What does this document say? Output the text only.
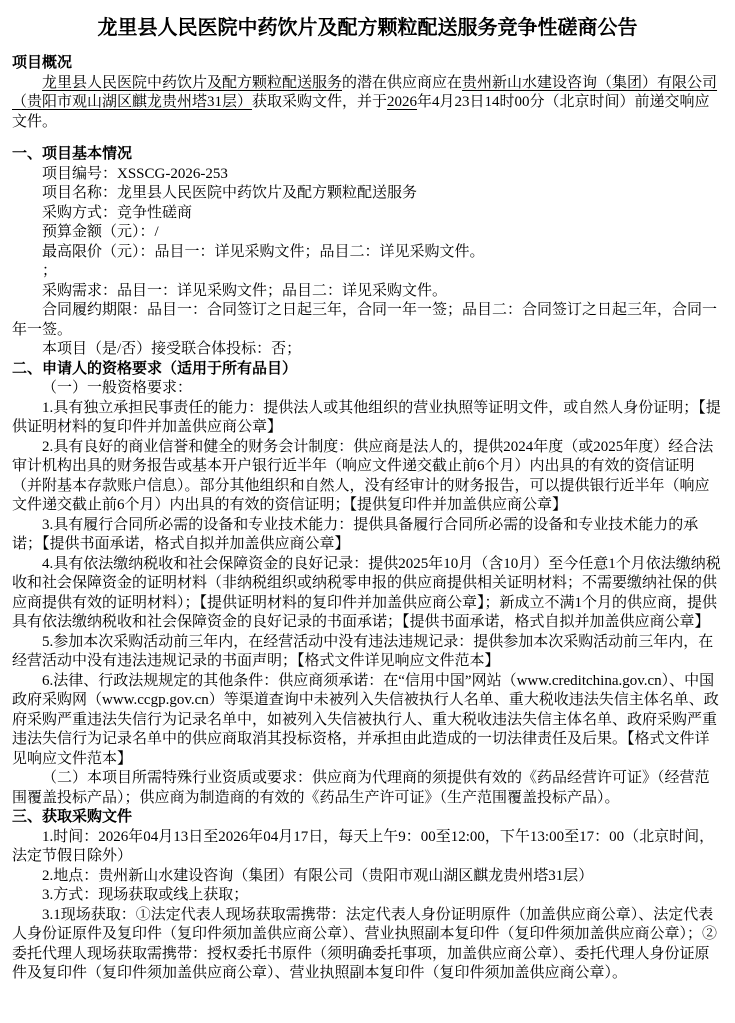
龙里县人民医院中药饮片及配方颗粒配送服务竞争性磋商公告

项目概况

龙里县人民医院中药饮片及配方颗粒配送服务的潜在供应商应在贵州新山水建设咨询（集团）有限公司（贵阳市观山湖区麒龙贵州塔31层）获取采购文件，并于2026年4月23日14时00分（北京时间）前递交响应文件。

一、项目基本情况

项目编号：XSSCG-2026-253

项目名称：龙里县人民医院中药饮片及配方颗粒配送服务

采购方式：竞争性磋商

预算金额（元）：/

最高限价（元）：品目一：详见采购文件；品目二：详见采购文件。

；

采购需求：品目一：详见采购文件；品目二：详见采购文件。

合同履约期限：品目一：合同签订之日起三年，合同一年一签；品目二：合同签订之日起三年，合同一年一签。

本项目（是/否）接受联合体投标：否；

二、申请人的资格要求（适用于所有品目）

（一）一般资格要求：

1.具有独立承担民事责任的能力：提供法人或其他组织的营业执照等证明文件，或自然人身份证明；【提供证明材料的复印件并加盖供应商公章】

2.具有良好的商业信誉和健全的财务会计制度：供应商是法人的，提供2024年度（或2025年度）经合法审计机构出具的财务报告或基本开户银行近半年（响应文件递交截止前6个月）内出具的有效的资信证明（并附基本存款账户信息）。部分其他组织和自然人，没有经审计的财务报告，可以提供银行近半年（响应文件递交截止前6个月）内出具的有效的资信证明；【提供复印件并加盖供应商公章】

3.具有履行合同所必需的设备和专业技术能力：提供具备履行合同所必需的设备和专业技术能力的承诺；【提供书面承诺，格式自拟并加盖供应商公章】

4.具有依法缴纳税收和社会保障资金的良好记录：提供2025年10月（含10月）至今任意1个月依法缴纳税收和社会保障资金的证明材料（非纳税组织或纳税零申报的供应商提供相关证明材料；不需要缴纳社保的供应商提供有效的证明材料）；【提供证明材料的复印件并加盖供应商公章】；新成立不满1个月的供应商，提供具有依法缴纳税收和社会保障资金的良好记录的书面承诺；【提供书面承诺，格式自拟并加盖供应商公章】

5.参加本次采购活动前三年内，在经营活动中没有违法违规记录：提供参加本次采购活动前三年内，在经营活动中没有违法违规记录的书面声明；【格式文件详见响应文件范本】

6.法律、行政法规规定的其他条件：供应商须承诺：在“信用中国”网站（www.creditchina.gov.cn）、中国政府采购网（www.ccgp.gov.cn）等渠道查询中未被列入失信被执行人名单、重大税收违法失信主体名单、政府采购严重违法失信行为记录名单中，如被列入失信被执行人、重大税收违法失信主体名单、政府采购严重违法失信行为记录名单中的供应商取消其投标资格，并承担由此造成的一切法律责任及后果。【格式文件详见响应文件范本】

（二）本项目所需特殊行业资质或要求：供应商为代理商的须提供有效的《药品经营许可证》（经营范围覆盖投标产品）；供应商为制造商的有效的《药品生产许可证》（生产范围覆盖投标产品）。

三、获取采购文件

1.时间：2026年04月13日至2026年04月17日，每天上午9：00至12:00，下午13:00至17：00（北京时间，法定节假日除外）

2.地点：贵州新山水建设咨询（集团）有限公司（贵阳市观山湖区麒龙贵州塔31层）

3.方式：现场获取或线上获取；

3.1现场获取：①法定代表人现场获取需携带：法定代表人身份证明原件（加盖供应商公章）、法定代表人身份证原件及复印件（复印件须加盖供应商公章）、营业执照副本复印件（复印件须加盖供应商公章）；②委托代理人现场获取需携带：授权委托书原件（须明确委托事项，加盖供应商公章）、委托代理人身份证原件及复印件（复印件须加盖供应商公章）、营业执照副本复印件（复印件须加盖供应商公章）。
